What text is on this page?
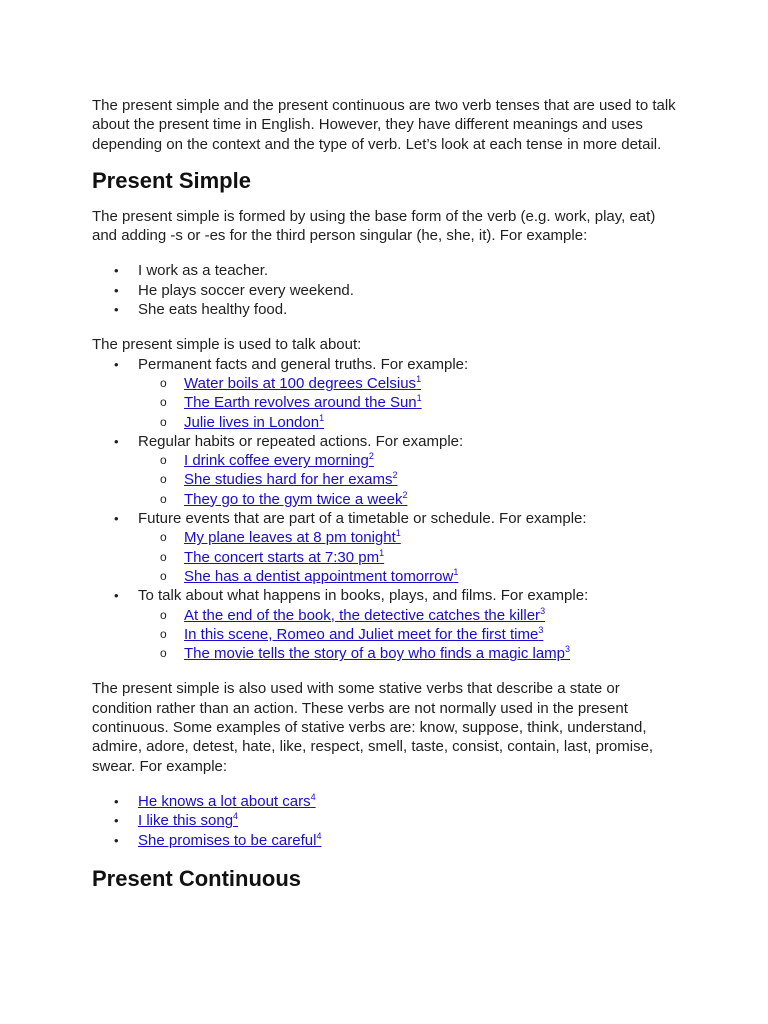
The present simple and the present continuous are two verb tenses that are used to talk about the present time in English. However, they have different meanings and uses depending on the context and the type of verb. Let’s look at each tense in more detail.

Present Simple

The present simple is formed by using the base form of the verb (e.g. work, play, eat) and adding -s or -es for the third person singular (he, she, it). For example:

• I work as a teacher.
• He plays soccer every weekend.
• She eats healthy food.

The present simple is used to talk about:

• Permanent facts and general truths. For example:
o Water boils at 100 degrees Celsius$^1$
o The Earth revolves around the Sun$^1$
o Julie lives in London$^1$
• Regular habits or repeated actions. For example:
o I drink coffee every morning$^2$
o She studies hard for her exams$^2$
o They go to the gym twice a week$^2$
• Future events that are part of a timetable or schedule. For example:
o My plane leaves at 8 pm tonight$^1$
o The concert starts at 7:30 pm$^1$
o She has a dentist appointment tomorrow$^1$
• To talk about what happens in books, plays, and films. For example:
o At the end of the book, the detective catches the killer$^3$
o In this scene, Romeo and Juliet meet for the first time$^3$
o The movie tells the story of a boy who finds a magic lamp$^3$

The present simple is also used with some stative verbs that describe a state or condition rather than an action. These verbs are not normally used in the present continuous. Some examples of stative verbs are: know, suppose, think, understand, admire, adore, detest, hate, like, respect, smell, taste, consist, contain, last, promise, swear. For example:

• He knows a lot about cars$^4$
• I like this song$^4$
• She promises to be careful$^4$
Present Continuous
